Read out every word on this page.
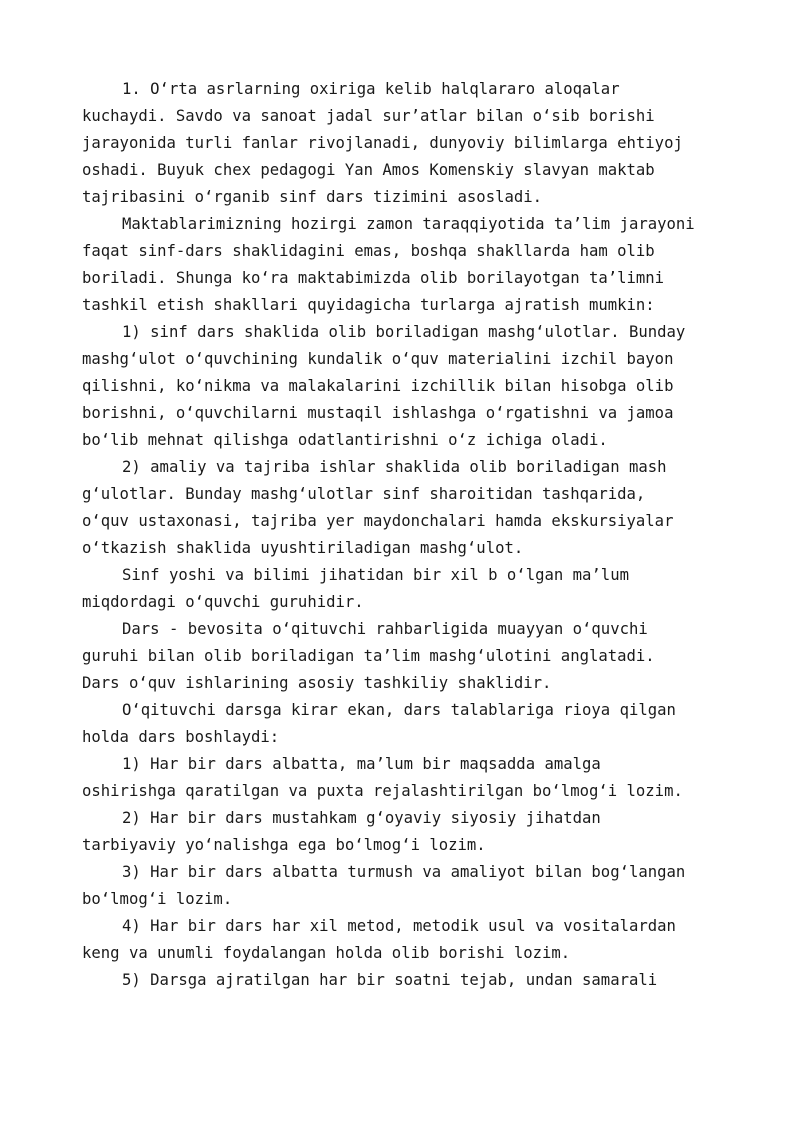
1. O‘rta asrlarning oxiriga kelib halqlararo aloqalar
kuchaydi. Savdo va sanoat jadal sur’atlar bilan o‘sib borishi
jarayonida turli fanlar rivojlanadi, dunyoviy bilimlarga ehtiyoj
oshadi. Buyuk chex pedagogi Yan Amos Komenskiy slavyan maktab
tajribasini o‘rganib sinf dars tizimini asosladi.
Maktablarimizning hozirgi zamon taraqqiyotida ta’lim jarayoni
faqat sinf-dars shaklidagini emas, boshqa shakllarda ham olib
boriladi. Shunga ko‘ra maktabimizda olib borilayotgan ta’limni
tashkil etish shakllari quyidagicha turlarga ajratish mumkin:
1) sinf dars shaklida olib boriladigan mashg‘ulotlar. Bunday
mashg‘ulot o‘quvchining kundalik o‘quv materialini izchil bayon
qilishni, ko‘nikma va malakalarini izchillik bilan hisobga olib
borishni, o‘quvchilarni mustaqil ishlashga o‘rgatishni va jamoa
bo‘lib mehnat qilishga odatlantirishni o‘z ichiga oladi.
2) amaliy va tajriba ishlar shaklida olib boriladigan mash
g‘ulotlar. Bunday mashg‘ulotlar sinf sharoitidan tashqarida,
o‘quv ustaxonasi, tajriba yer maydonchalari hamda ekskursiyalar
o‘tkazish shaklida uyushtiriladigan mashg‘ulot.
Sinf yoshi va bilimi jihatidan bir xil b o‘lgan ma’lum
miqdordagi o‘quvchi guruhidir.
Dars - bevosita o‘qituvchi rahbarligida muayyan o‘quvchi
guruhi bilan olib boriladigan ta’lim mashg‘ulotini anglatadi.
Dars o‘quv ishlarining asosiy tashkiliy shaklidir.
O‘qituvchi darsga kirar ekan, dars talablariga rioya qilgan
holda dars boshlaydi:
1) Har bir dars albatta, ma’lum bir maqsadda amalga
oshirishga qaratilgan va puxta rejalashtirilgan bo‘lmog‘i lozim.
2) Har bir dars mustahkam g‘oyaviy siyosiy jihatdan
tarbiyaviy yo‘nalishga ega bo‘lmog‘i lozim.
3) Har bir dars albatta turmush va amaliyot bilan bog‘langan
bo‘lmog‘i lozim.
4) Har bir dars har xil metod, metodik usul va vositalardan
keng va unumli foydalangan holda olib borishi lozim.
5) Darsga ajratilgan har bir soatni tejab, undan samarali
